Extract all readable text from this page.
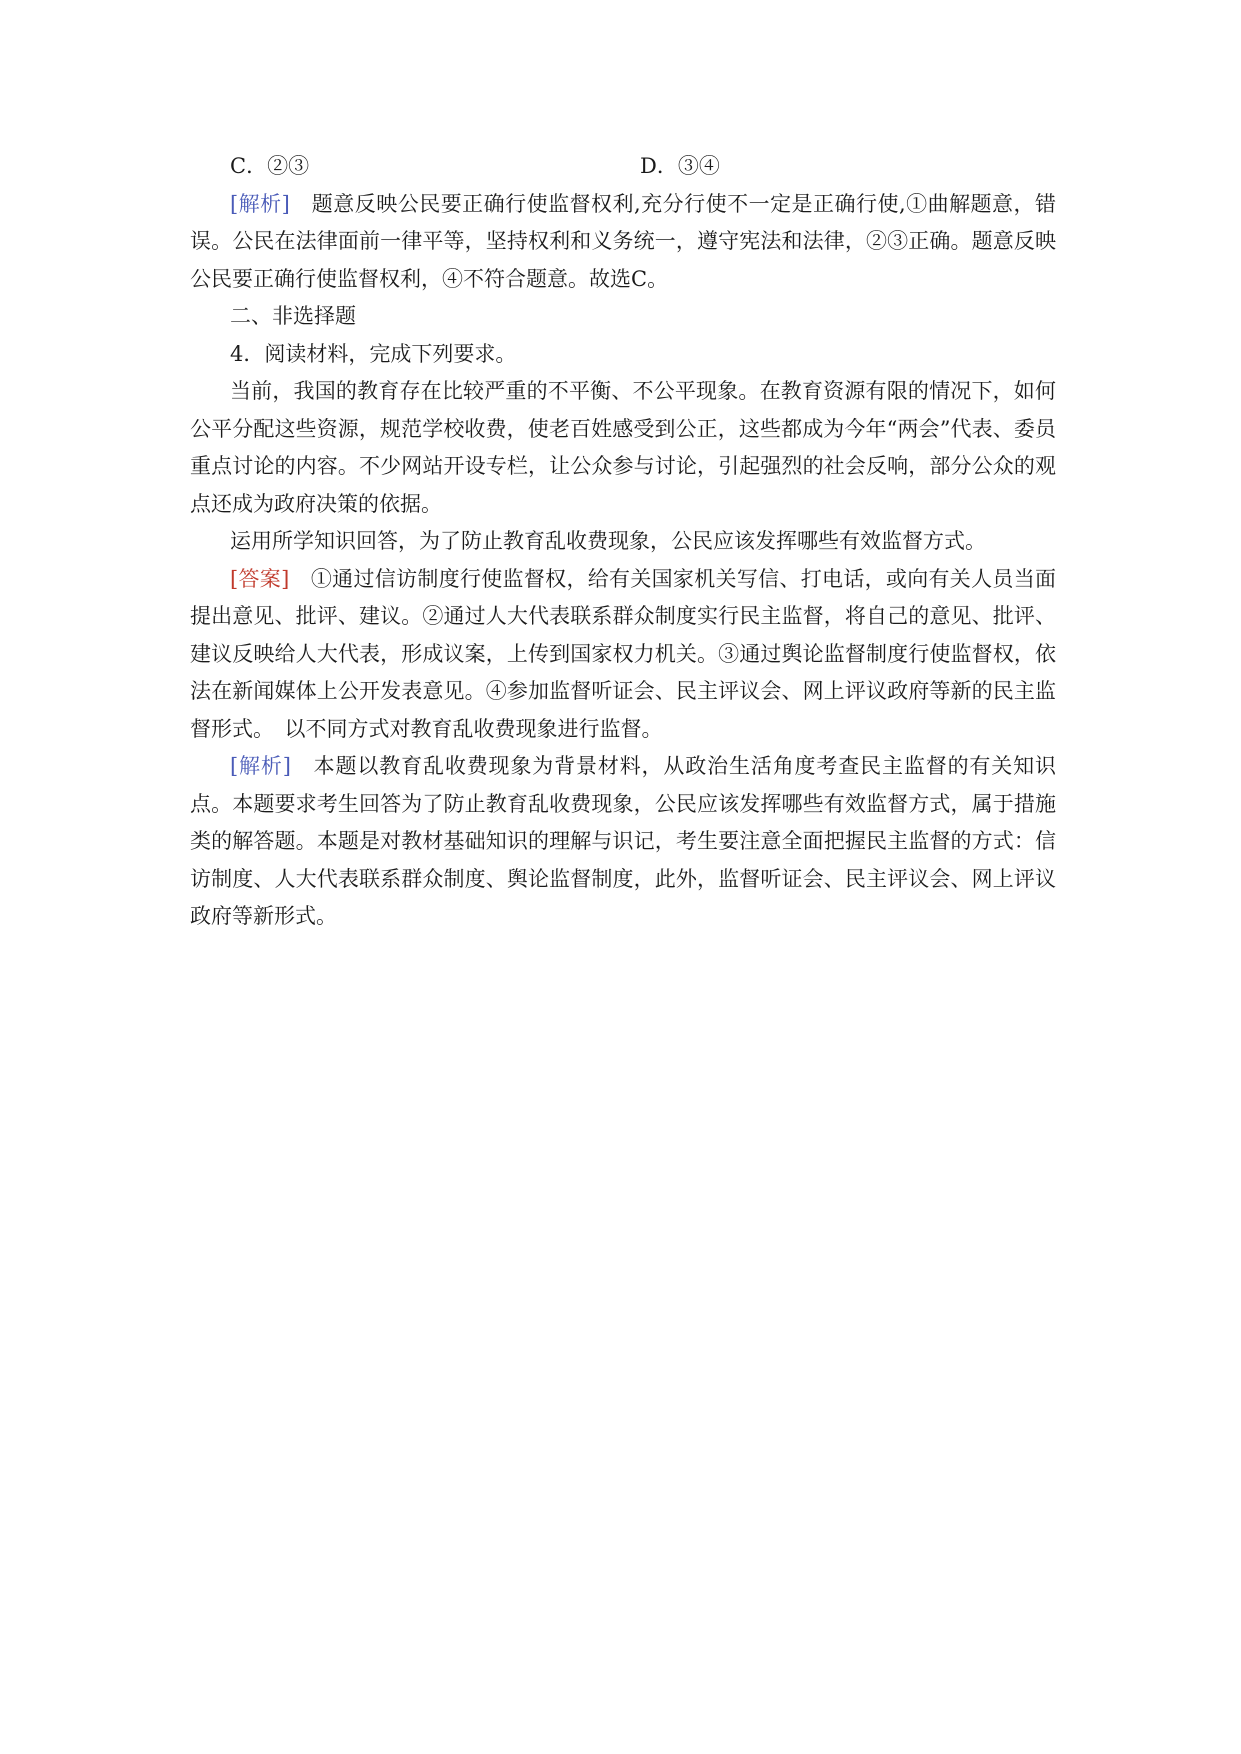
C．②③	D．③④

[解析]　题意反映公民要正确行使监督权利,充分行使不一定是正确行使,①曲解题意，错误。公民在法律面前一律平等，坚持权利和义务统一，遵守宪法和法律，②③正确。题意反映公民要正确行使监督权利，④不符合题意。故选C。

二、非选择题

4．阅读材料，完成下列要求。

当前，我国的教育存在比较严重的不平衡、不公平现象。在教育资源有限的情况下，如何公平分配这些资源，规范学校收费，使老百姓感受到公正，这些都成为今年“两会”代表、委员重点讨论的内容。不少网站开设专栏，让公众参与讨论，引起强烈的社会反响，部分公众的观点还成为政府决策的依据。

运用所学知识回答，为了防止教育乱收费现象，公民应该发挥哪些有效监督方式。

[答案]　①通过信访制度行使监督权，给有关国家机关写信、打电话，或向有关人员当面提出意见、批评、建议。②通过人大代表联系群众制度实行民主监督，将自己的意见、批评、建议反映给人大代表，形成议案，上传到国家权力机关。③通过舆论监督制度行使监督权，依法在新闻媒体上公开发表意见。④参加监督听证会、民主评议会、网上评议政府等新的民主监督形式。　以不同方式对教育乱收费现象进行监督。

[解析]　本题以教育乱收费现象为背景材料，从政治生活角度考查民主监督的有关知识点。本题要求考生回答为了防止教育乱收费现象，公民应该发挥哪些有效监督方式，属于措施类的解答题。本题是对教材基础知识的理解与识记，考生要注意全面把握民主监督的方式：信访制度、人大代表联系群众制度、舆论监督制度，此外，监督听证会、民主评议会、网上评议政府等新形式。
